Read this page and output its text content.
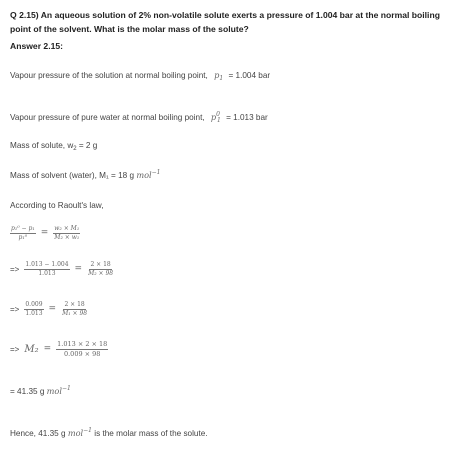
Q 2.15) An aqueous solution of 2% non-volatile solute exerts a pressure of 1.004 bar at the normal boiling point of the solvent. What is the molar mass of the solute?
Answer 2.15:
Vapour pressure of the solution at normal boiling point, $p_1 = 1.004$ bar
Vapour pressure of pure water at normal boiling point, $p^0_1 = 1.013$ bar
Mass of solute, $w_2 = 2$ g
Mass of solvent (water), M₁ = 18 g mol$^{-1}$
According to Raoult's law,
$\frac{\text{p₁⁰ − p₁}}{\text{p₁⁰}} = \frac{\text{w₂ × M₁}}{\text{M₂ × w₁}}$
=> $\frac{1.013 - 1.004}{1.013} = \frac{2 \times 18}{\text{M₂ × 98}}$
=> $\frac{0.009}{1.013} = \frac{2 \times 18}{\text{M₁ × 98}}$
=> $M_2 = \frac{1.013 \times 2 \times 18}{0.009 \times 98}$
= 41.35 g mol$^{-1}$
Hence, 41.35 g mol$^{-1}$ is the molar mass of the solute.
